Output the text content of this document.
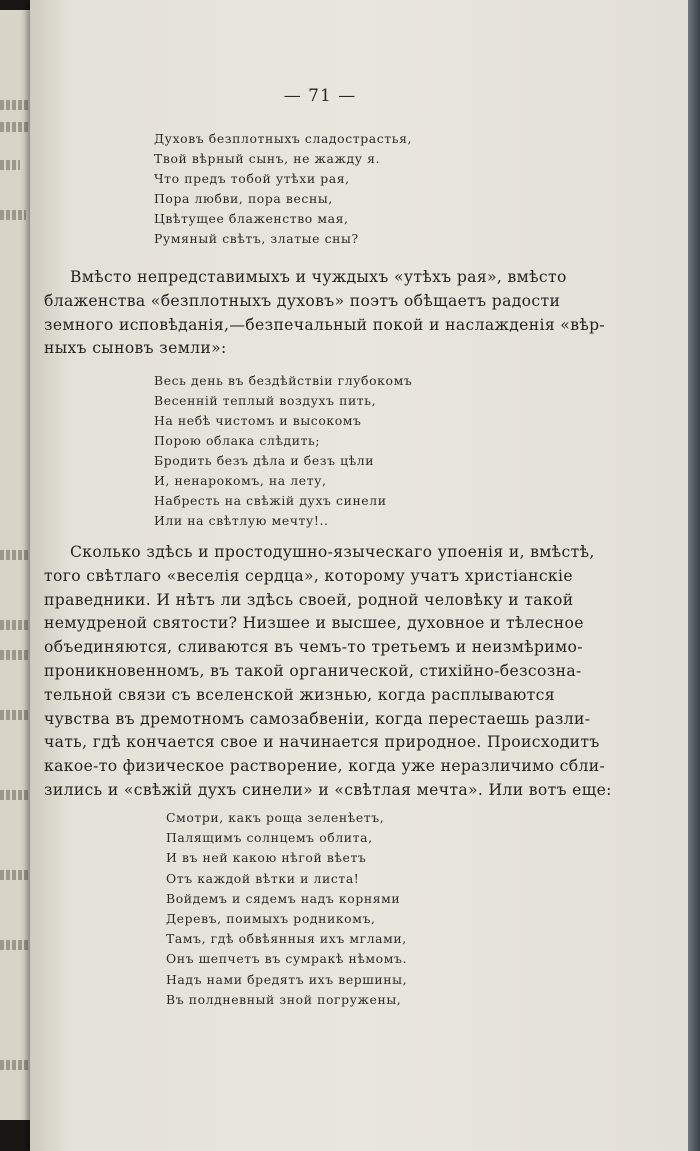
— 71 —
Духовъ безплотныхъ сладострастья,
Твой вѣрный сынъ, не жажду я.
Что предъ тобой утѣхи рая,
Пора любви, пора весны,
Цвѣтущее блаженство мая,
Румяный свѣтъ, златые сны?
Вмѣсто непредставимыхъ и чуждыхъ «утѣхъ рая», вмѣсто
блаженства «безплотныхъ духовъ» поэтъ обѣщаетъ радости
земного исповѣданія,—безпечальный покой и наслажденія «вѣр-
ныхъ сыновъ земли»:
Весь день въ бездѣйствіи глубокомъ
Весенній теплый воздухъ пить,
На небѣ чистомъ и высокомъ
Порою облака слѣдить;
Бродить безъ дѣла и безъ цѣли
И, ненарокомъ, на лету,
Набресть на свѣжій духъ синели
Или на свѣтлую мечту!..
Сколько здѣсь и простодушно-языческаго упоенія и, вмѣстѣ,
того свѣтлаго «веселія сердца», которому учатъ христіанскіе
праведники. И нѣтъ ли здѣсь своей, родной человѣку и такой
немудреной святости? Низшее и высшее, духовное и тѣлесное
объединяются, сливаются въ чемъ-то третьемъ и неизмѣримо-
проникновенномъ, въ такой органической, стихійно-безсозна-
тельной связи съ вселенской жизнью, когда расплываются
чувства въ дремотномъ самозабвеніи, когда перестаешь разли-
чать, гдѣ кончается свое и начинается природное. Происходитъ
какое-то физическое растворение, когда уже неразличимо сбли-
зились и «свѣжій духъ синели» и «свѣтлая мечта». Или вотъ еще:
Смотри, какъ роща зеленѣетъ,
Палящимъ солнцемъ облита,
И въ ней какою нѣгой вѣетъ
Отъ каждой вѣтки и листа!
Войдемъ и сядемъ надъ корнями
Деревъ, поимыхъ родникомъ,
Тамъ, гдѣ обвѣянныя ихъ мглами,
Онъ шепчетъ въ сумракѣ нѣмомъ.
Надъ нами бредятъ ихъ вершины,
Въ полдневный зной погружены,
